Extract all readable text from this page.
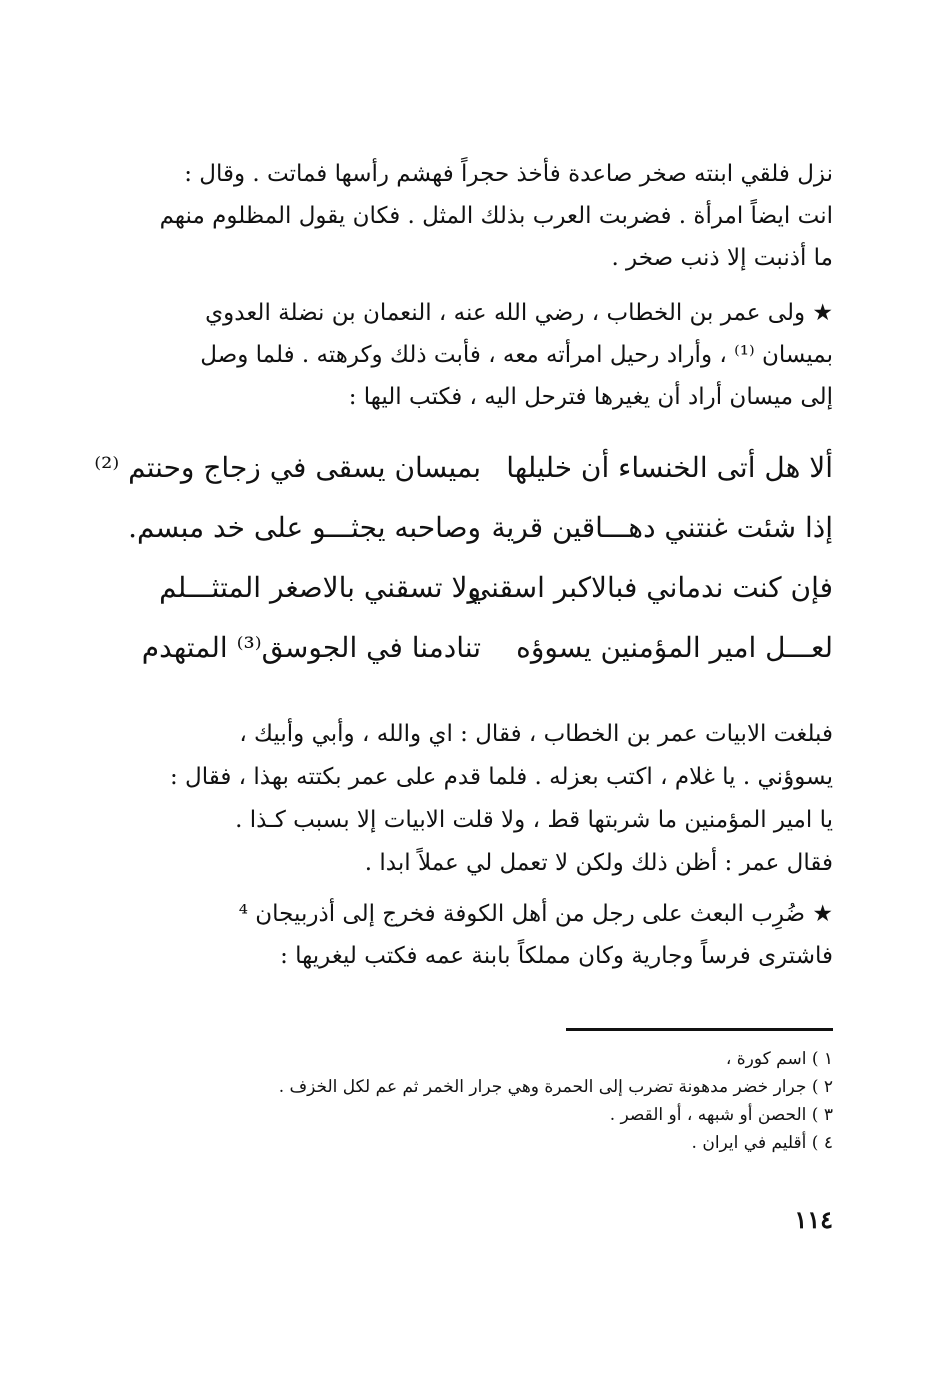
نزل فلقي ابنته صخر صاعدة فأخذ حجراً فهشم رأسها فماتت . وقال :
انت ايضاً امرأة . فضربت العرب بذلك المثل . فكان يقول المظلوم منهم
ما أذنبت إلا ذنب صخر .
★ ولى عمر بن الخطاب ، رضي الله عنه ، النعمان بن نضلة العدوي
بميسان ⁽¹⁾ ، وأراد رحيل امرأته معه ، فأبت ذلك وكرهته . فلما وصل
إلى ميسان أراد أن يغيرها فترحل اليه ، فكتب اليها :
ألا هل أتى الخنساء أن خليلها
بميسان يسقى في زجاج وحنتم ⁽²⁾
إذا شئت غنتني دهـــاقين قرية
وصاحبه يجثـــو على خد مبسم.
فإن كنت ندماني فبالاكبر اسقني
ولا تسقني بالاصغر المتثـــلم
لعـــل امير المؤمنين يسوؤه
تنادمنا في الجوسق⁽³⁾ المتهدم
فبلغت الابيات عمر بن الخطاب ، فقال : اي والله ، وأبي وأبيك ،
يسوؤني . يا غلام ، اكتب بعزله . فلما قدم على عمر بكتته بهذا ، فقال :
يا امير المؤمنين ما شربتها قط ، ولا قلت الابيات إلا بسبب كـذا .
فقال عمر : أظن ذلك ولكن لا تعمل لي عملاً ابدا .
★ ضُرِب البعث على رجل من أهل الكوفة فخرج إلى أذربيجان ⁴
فاشترى فرساً وجارية وكان مملكاً بابنة عمه فكتب ليغريها :
١ ) اسم كورة ،
٢ ) جرار خضر مدهونة تضرب إلى الحمرة وهي جرار الخمر ثم عم لكل الخزف .
٣ ) الحصن أو شبهه ، أو القصر .
٤ ) أقليم في ايران .
١١٤
